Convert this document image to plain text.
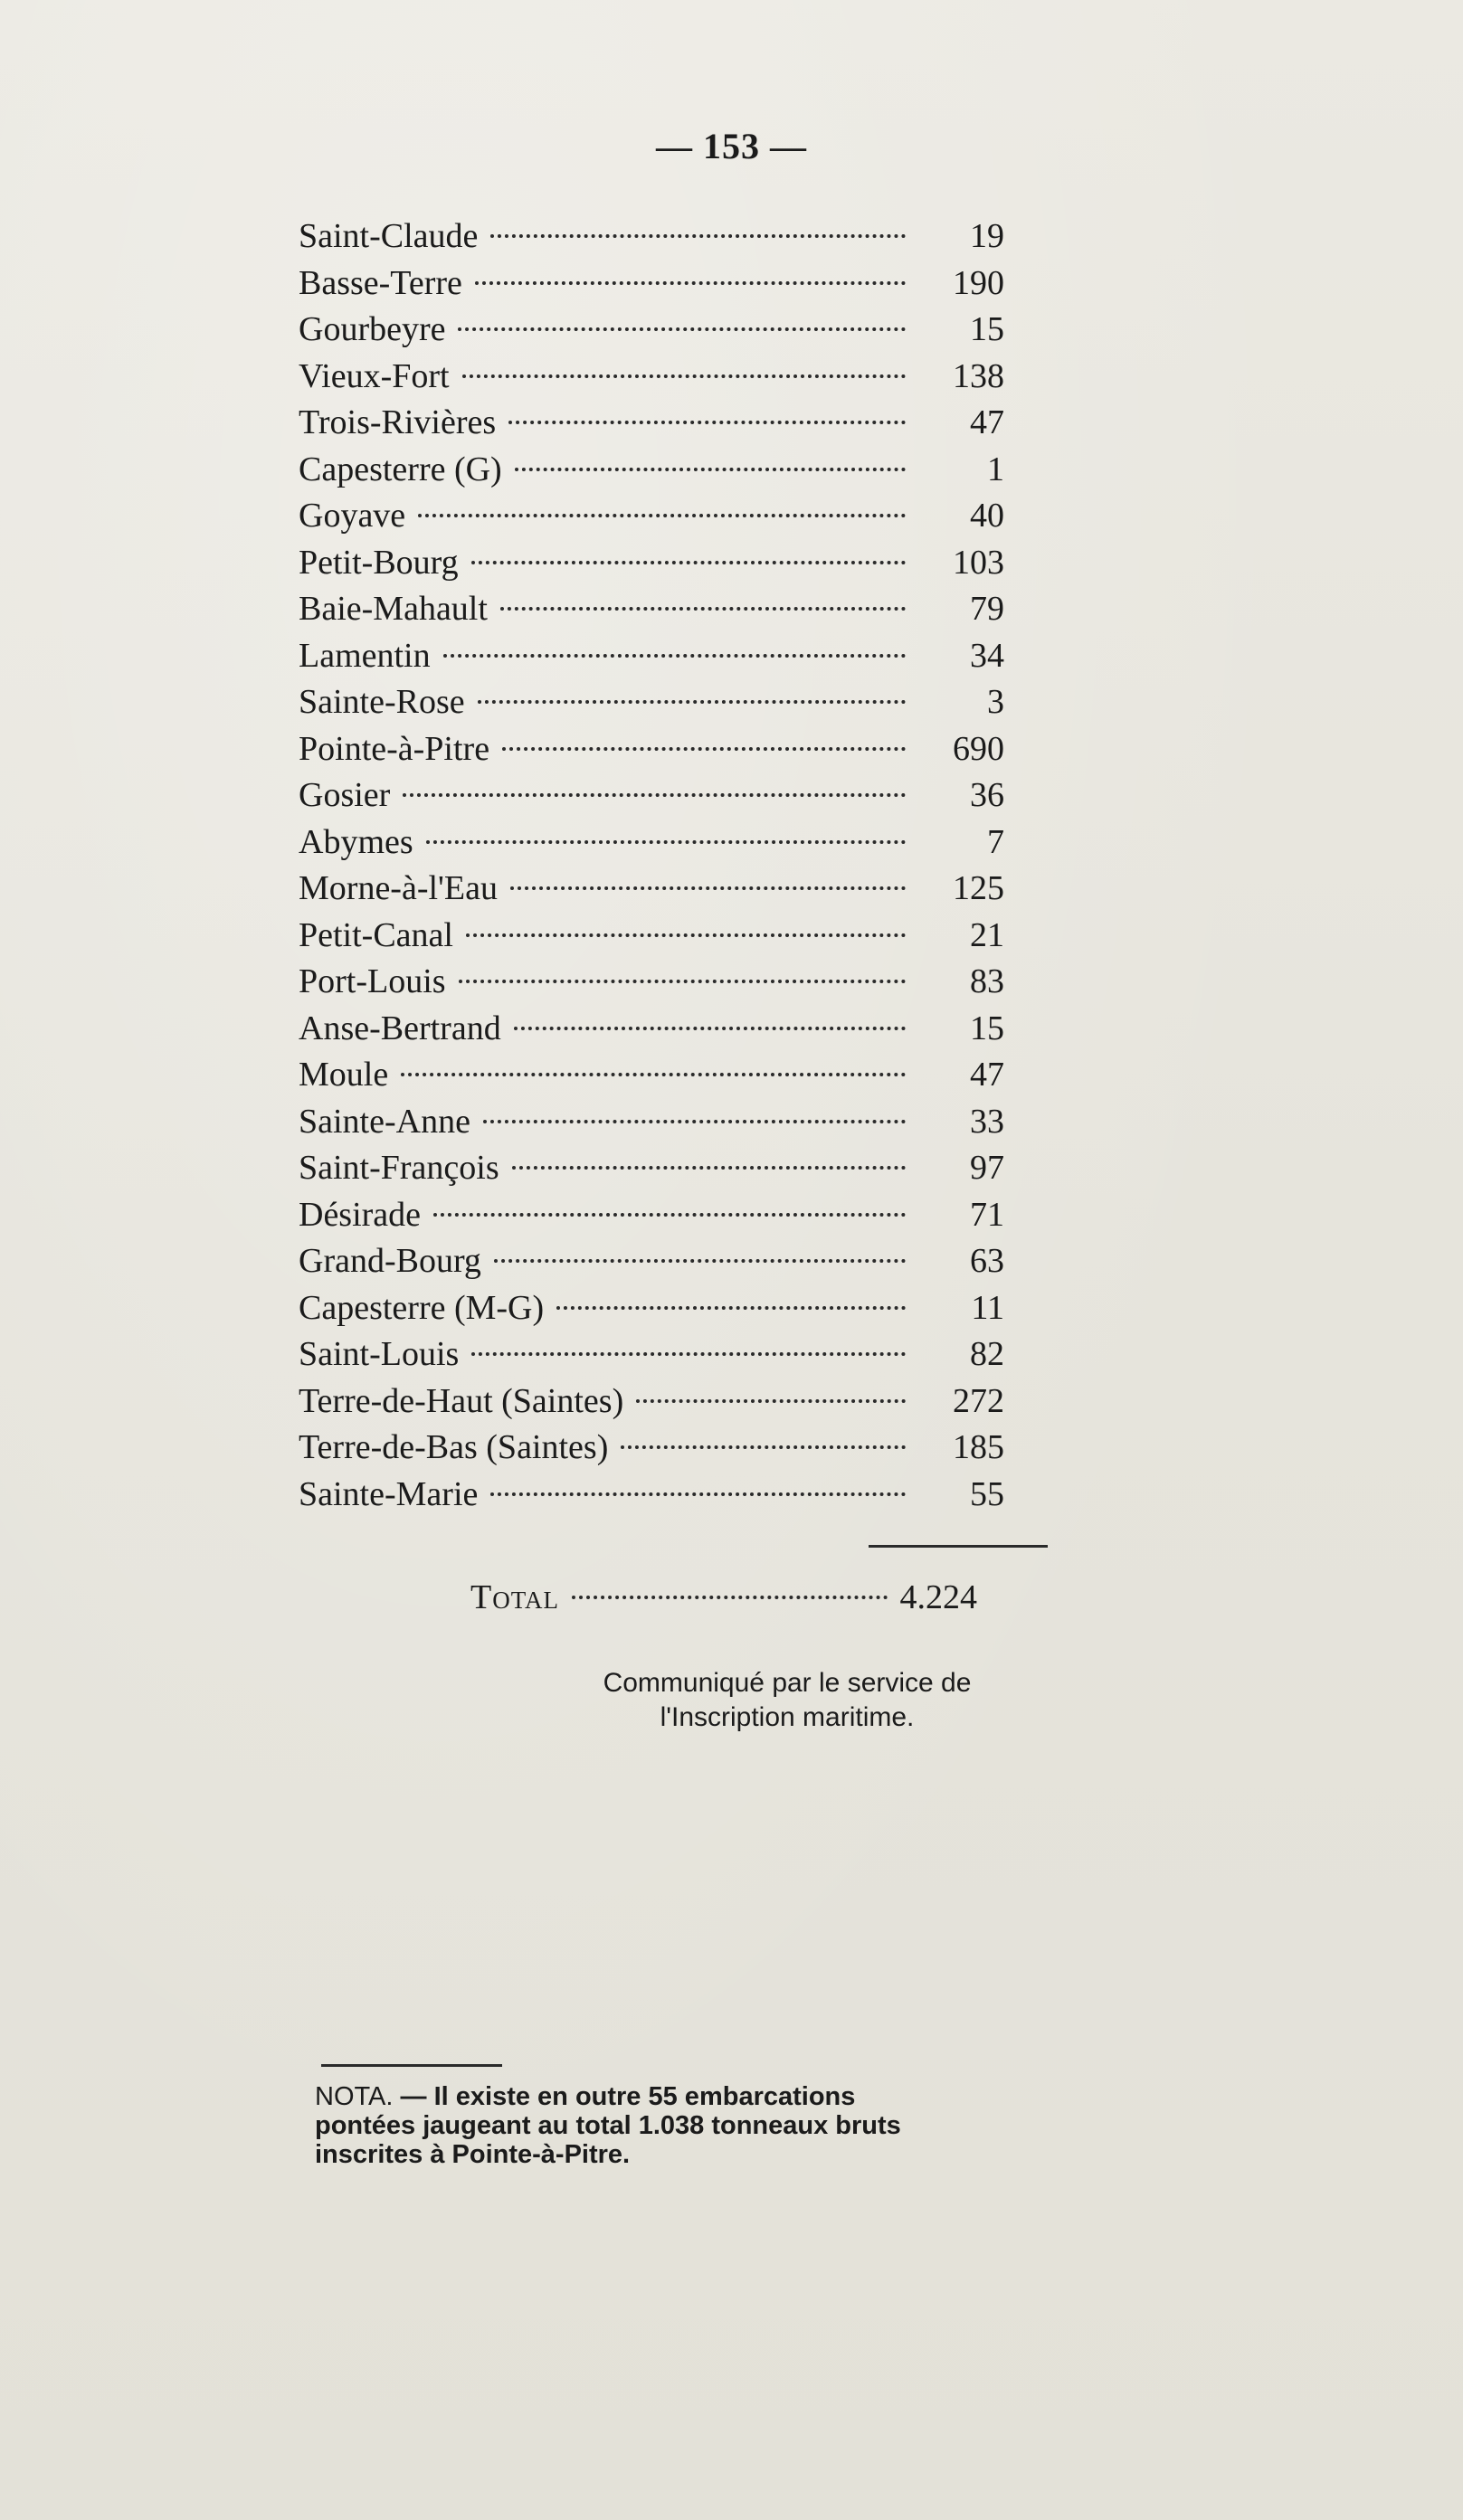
— 153 —
Saint-Claude	19
Basse-Terre	190
Gourbeyre	15
Vieux-Fort	138
Trois-Rivières	47
Capesterre (G)	1
Goyave	40
Petit-Bourg	103
Baie-Mahault	79
Lamentin	34
Sainte-Rose	3
Pointe-à-Pitre	690
Gosier	36
Abymes	7
Morne-à-l'Eau	125
Petit-Canal	21
Port-Louis	83
Anse-Bertrand	15
Moule	47
Sainte-Anne	33
Saint-François	97
Désirade	71
Grand-Bourg	63
Capesterre (M-G)	11
Saint-Louis	82
Terre-de-Haut (Saintes)	272
Terre-de-Bas (Saintes)	185
Sainte-Marie	55
Total	4.224
Communiqué par le service de
l'Inscription maritime.
NOTA. — Il existe en outre 55 embarcations
pontées jaugeant au total 1.038 tonneaux bruts
inscrites à Pointe-à-Pitre.
